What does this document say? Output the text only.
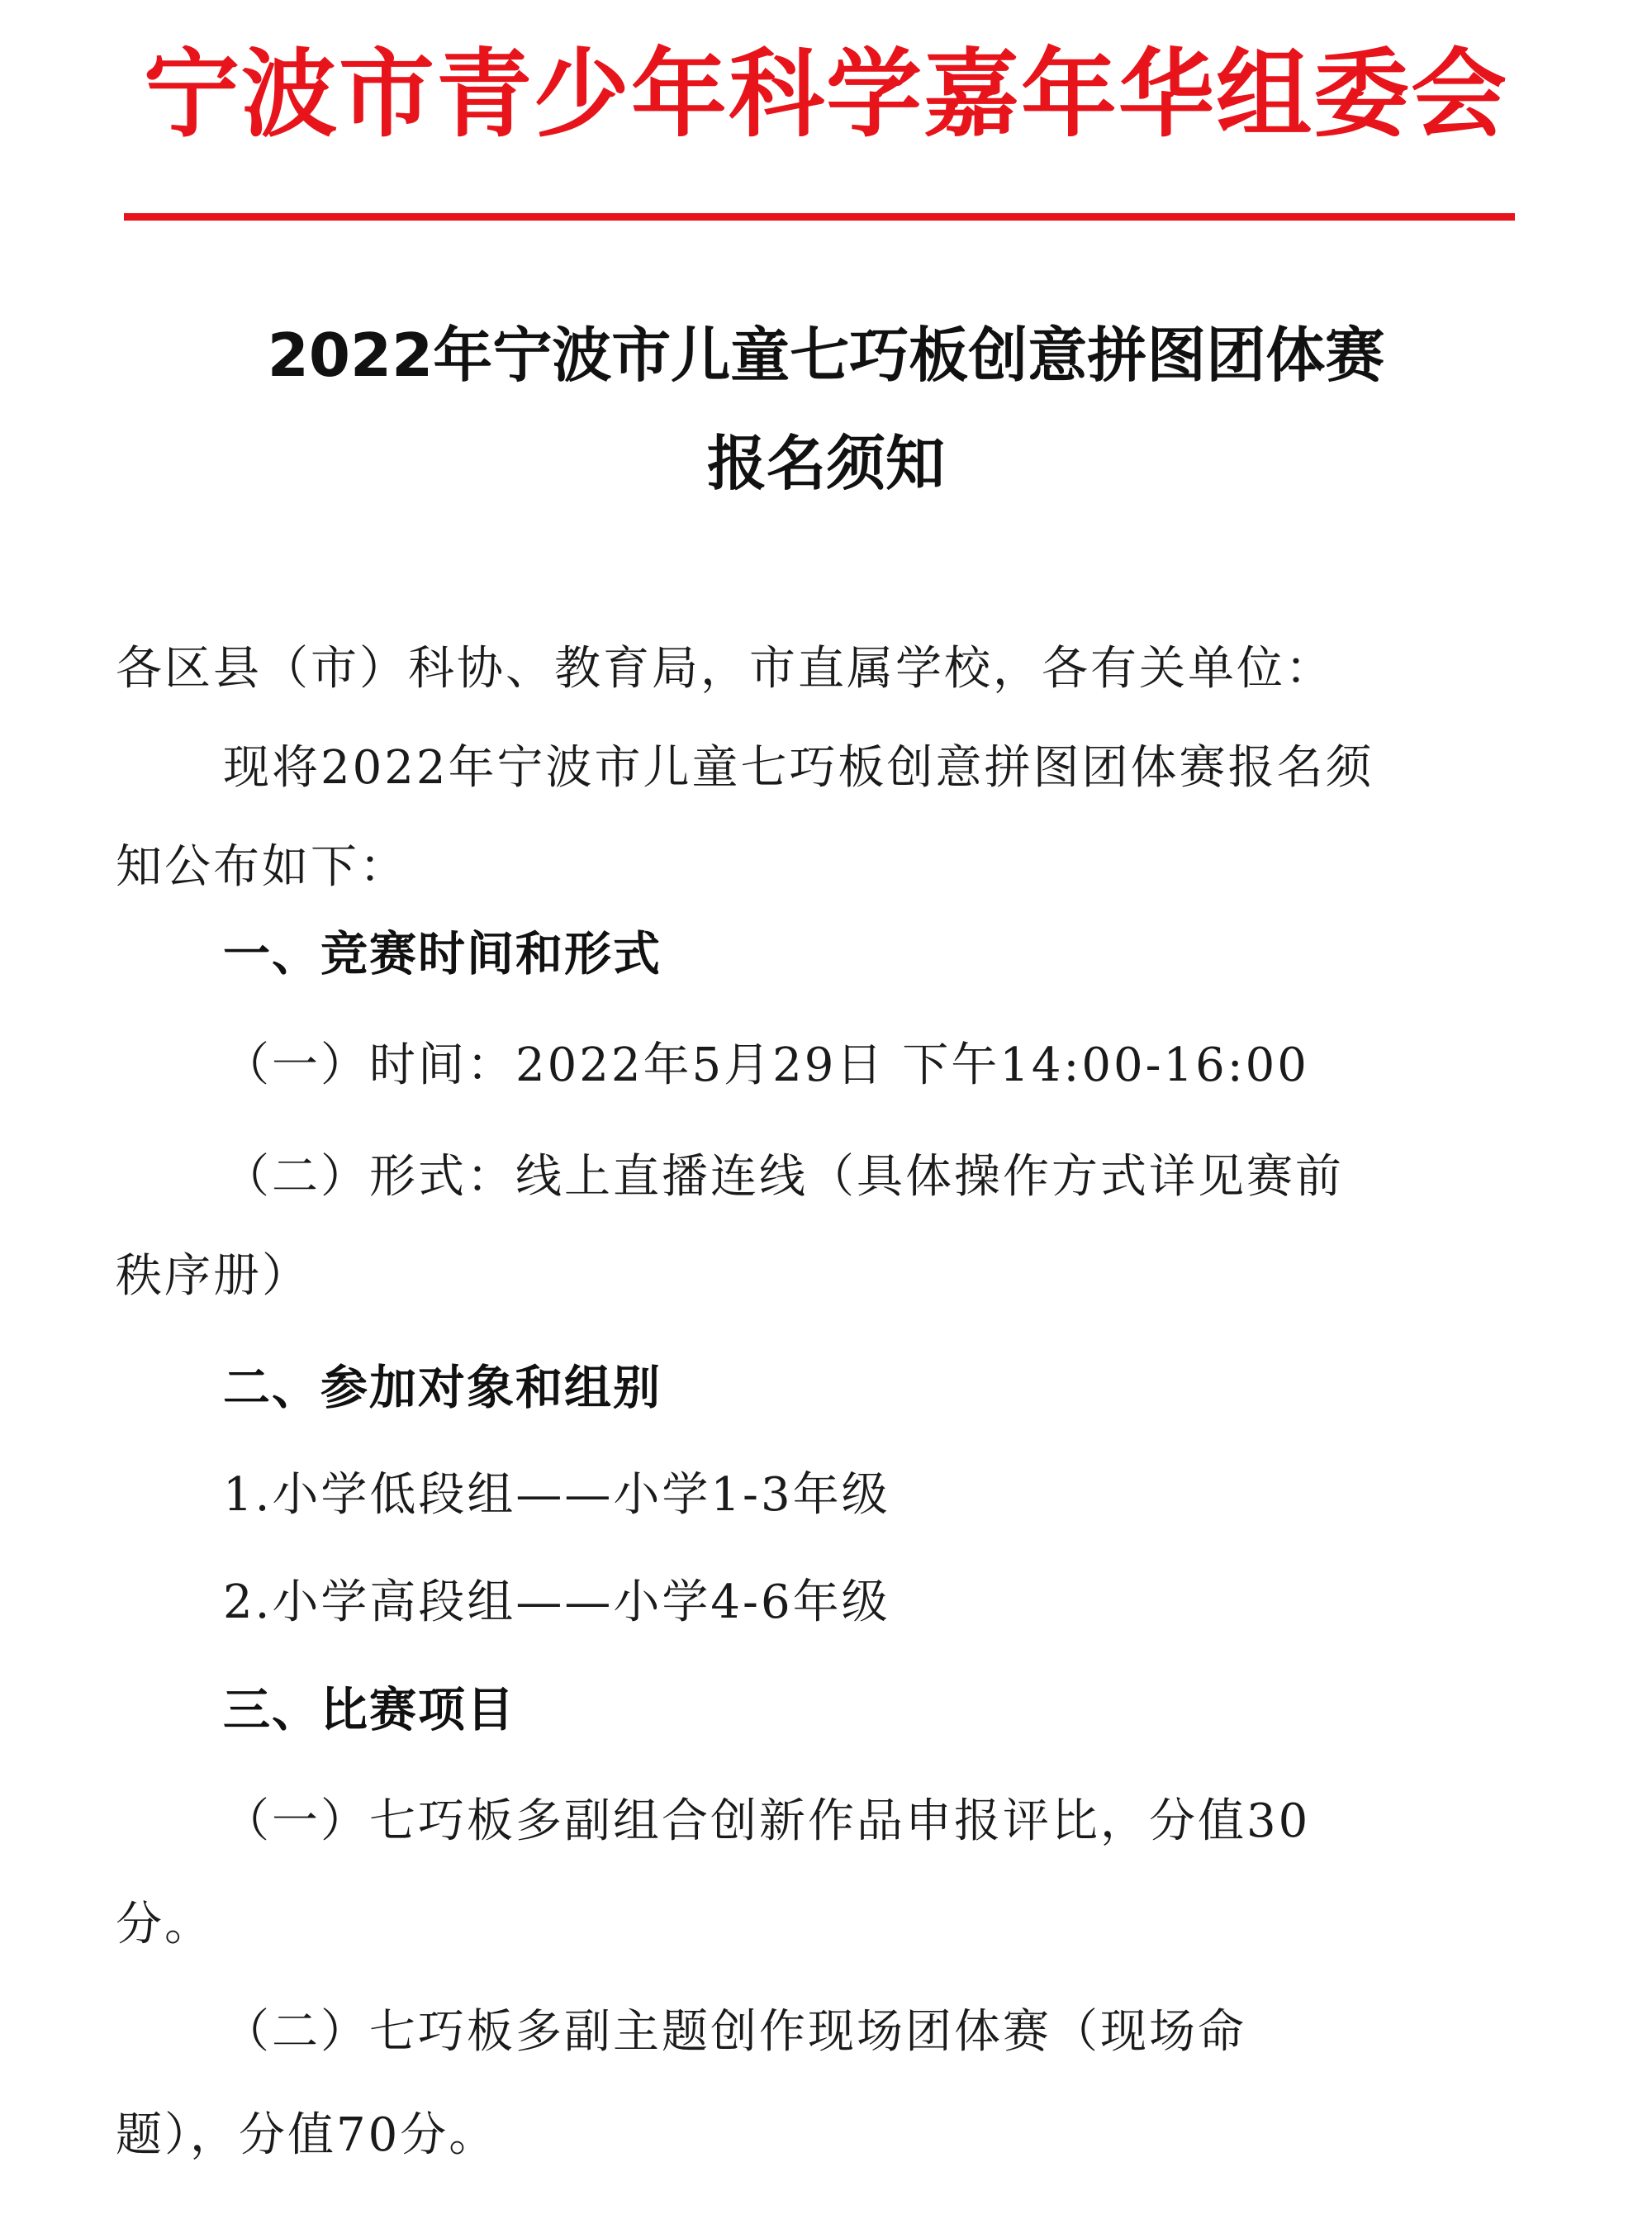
宁波市青少年科学嘉年华组委会
2022年宁波市儿童七巧板创意拼图团体赛
报名须知
各区县（市）科协、教育局，市直属学校，各有关单位：
现将2022年宁波市儿童七巧板创意拼图团体赛报名须
知公布如下：
一、竞赛时间和形式
（一）时间：2022年5月29日 下午14:00-16:00
（二）形式：线上直播连线（具体操作方式详见赛前
秩序册）
二、参加对象和组别
1.小学低段组——小学1-3年级
2.小学高段组——小学4-6年级
三、比赛项目
（一）七巧板多副组合创新作品申报评比，分值30
分。
（二）七巧板多副主题创作现场团体赛（现场命
题），分值70分。
